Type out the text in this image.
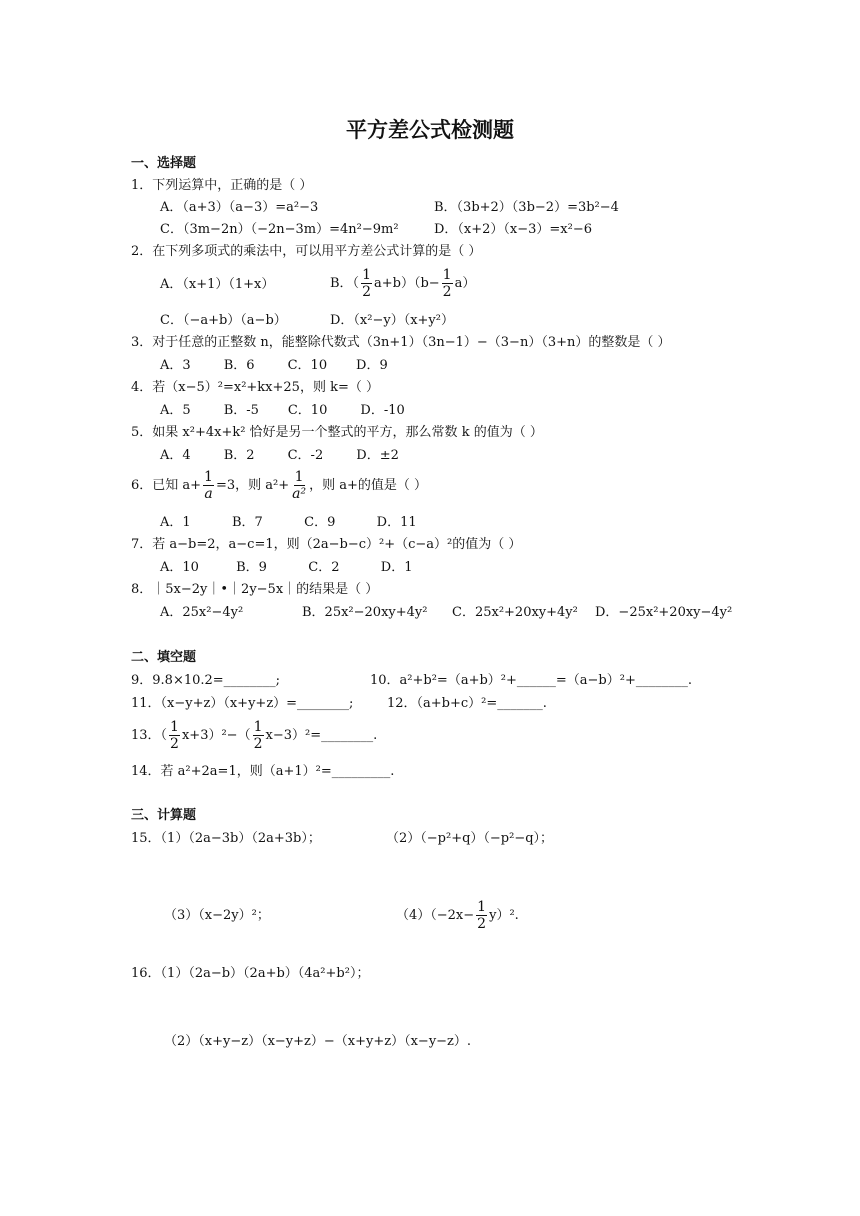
平方差公式检测题
一、选择题
1．下列运算中，正确的是（ ）
A．（a+3）（a−3）=a²−3	B．（3b+2）（3b−2）=3b²−4
C．（3m−2n）（−2n−3m）=4n²−9m²	D．（x+2）（x−3）=x²−6
2．在下列多项式的乘法中，可以用平方差公式计算的是（ ）
A．（x+1）（1+x）	B．（ $\frac{1}{2} a+b)(b- \frac{1}{2} a)$
C．（−a+b）（a−b）	D．（x²−y）（x+y²）
3．对于任意的正整数 n，能整除代数式（3n+1）（3n−1）−（3−n）（3+n）的整数是（ ）
A．3        B．6        C．10       D．9
4．若（x−5）²=x²+kx+25，则 k=（ ）
A．5        B．-5       C．10        D．-10
5．如果 x²+4x+k² 恰好是另一个整式的平方，那么常数 k 的值为（ ）
A．4        B．2        C．-2        D．±2
6．已知 $a+ \frac{1}{a} =3$，则 $a^2+ \frac{1}{\text{a²}}$ ，则 a+的值是（ ）
A．1          B．7          C．9          D．11
7．若 a−b=2，a−c=1，则（2a−b−c）²+（c−a）²的值为（ ）
A．10         B．9          C．2          D．1
8．｜5x−2y｜•｜2y−5x｜的结果是（ ）
A．25x²−4y²	B．25x²−20xy+4y² C．25x²+20xy+4y² D．−25x²+20xy−4y²
二、填空题
9．9.8×10.2=________;	10．a²+b²=（a+b）²+______=（a−b）²+________.
11．（x−y+z）（x+y+z）=________;	12．（a+b+c）²=_______.
13．（ $\frac{1}{2} x+3)^2-( \frac{1}{2}$ x−3）²=________.
14．若 a²+2a=1，则（a+1）²=_________.
三、计算题
15．（1）（2a−3b）（2a+3b）；	（2）（−p²+q）（−p²−q）；
（3）（x−2y）²；	$(4)(-2x- \frac{1}{2} y)^2$.
16．（1）（2a−b）（2a+b）（4a²+b²）；
（2）（x+y−z）（x−y+z）−（x+y+z）（x−y−z）.
